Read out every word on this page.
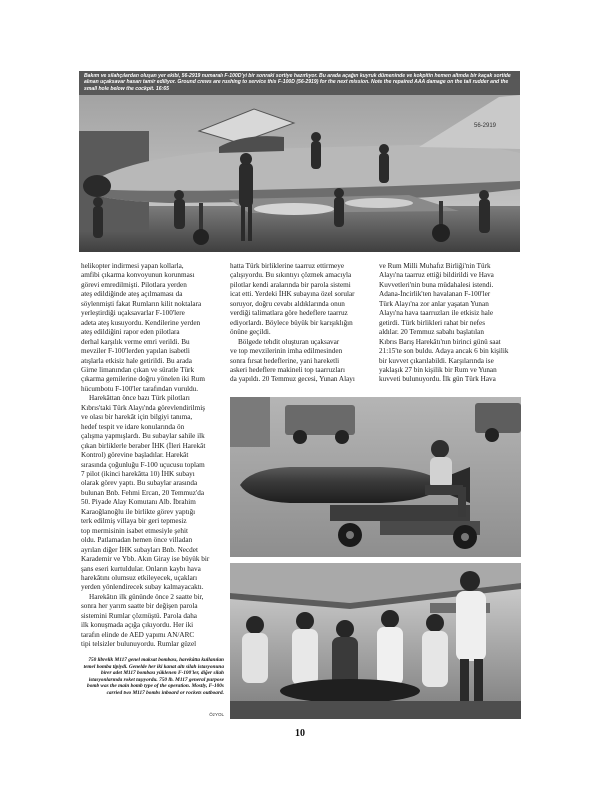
56-2919
Bakım ve silahçılardan oluşan yer ekibi, 56-2919 numaralı F-100D'yi bir sonraki sortiye hazırlıyor. Bu arada açağın kuyruk dümeninde ve kokpitin hemen altında bir kaçak sortide alınan uçaksavar hasarı tamir ediliyor. Ground crews are rushing to service this F-100D (56-2919) for the next mission. Note the repaired AAA damage on the tail rudder and the small hole below the cockpit. 16:65
helikopter indirmesi yapan kollarla,
amfibi çıkarma konvoyunun korunması
görevi emredilmişti. Pilotlara yerden
ateş edildiğinde ateş açılmaması da
söylenmişti fakat Rumların kilit noktalara
yerleştirdiği uçaksavarlar F-100'lere
adeta ateş kusuyordu. Kendilerine yerden
ateş edildiğini rapor eden pilotlara
derhal karşılık verme emri verildi. Bu
mevziler F-100'lerden yapılan isabetli
atışlarla etkisiz hale getirildi. Bu arada
Girne limanından çıkan ve süratle Türk
çıkarma gemilerine doğru yönelen iki Rum
hücumbotu F-100'ler tarafından vuruldu.
Harekâttan önce bazı Türk pilotları
Kıbrıs'taki Türk Alayı'nda görevlendirilmiş
ve olası bir harekât için bilgiyi tanıma,
hedef tespit ve idare konularında ön
çalışma yapmışlardı. Bu subaylar sahile ilk
çıkan birliklerle beraber İHK (İleri Harekât
Kontrol) görevine başladılar. Harekât
sırasında çoğunluğu F-100 uçucusu toplam
7 pilot (ikinci harekâtta 10) İHK subayı
olarak görev yaptı. Bu subaylar arasında
bulunan Bnb. Fehmi Ercan, 20 Temmuz'da
50. Piyade Alay Komutanı Alb. İbrahim
Karaoğlanoğlu ile birlikte görev yaptığı
terk edilmiş villaya bir geri tepmesiz
top mermisinin isabet etmesiyle şehit
oldu. Patlamadan hemen önce villadan
ayrılan diğer İHK subayları Bnb. Necdet
Karademir ve Ybb. Akın Giray ise büyük bir
şans eseri kurtuldular. Onların kaybı hava
harekâtını olumsuz etkileyecek, uçakları
yerden yönlendirecek subay kalmayacaktı.
Harekâtın ilk gününde önce 2 saatte bir,
sonra her yarım saatte bir değişen parola
sistemini Rumlar çözmüştü. Parola daha
ilk konuşmada açığa çıkıyordu. Her iki
tarafın elinde de AED yapımı AN/ARC
tipi telsizler bulunuyordu. Rumlar güzel
hatta Türk birliklerine taarruz ettirmeye
çalışıyordu. Bu sıkıntıyı çözmek amacıyla
pilotlar kendi aralarında bir parola sistemi
icat etti. Yerdeki İHK subayına özel sorular
soruyor, doğru cevabı aldıklarında onun
verdiği talimatlara göre hedeflere taarruz
ediyorlardı. Böylece büyük bir karışıklığın
önüne geçildi.
Bölgede tehdit oluşturan uçaksavar
ve top mevzilerinin imha edilmesinden
sonra fırsat hedeflerine, yani hareketli
askeri hedeflere makineli top taarruzları
da yapıldı. 20 Temmuz gecesi, Yunan Alayı
ve Rum Milli Muhafız Birliği'nin Türk
Alayı'na taarruz ettiği bildirildi ve Hava
Kuvvetleri'nin buna müdahalesi istendi.
Adana-İncirlik'ten havalanan F-100'ler
Türk Alayı'na zor anlar yaşatan Yunan
Alayı'na hava taarruzları ile etkisiz hale
getirdi. Türk birlikleri rahat bir nefes
aldılar. 20 Temmuz sabahı başlatılan
Kıbrıs Barış Harekâtı'nın birinci günü saat
21:15'te son buldu. Adaya ancak 6 bin kişilik
bir kuvvet çıkarılabildi. Karşılarında ise
yaklaşık 27 bin kişilik bir Rum ve Yunan
kuvveti bulunuyordu. İlk gün Türk Hava
750 librelik M117 genel maksat bombası, harekâtta kullanılan temel bomba tipiydi. Genelde her iki kanat altı silah istasyonuna birer adet M117 bombası yüklenen F-100'ler, diğer silah istasyonlarında roket taşıyordu. 750 lb. M117 general purpose bomb was the main bomb type of the operation. Mostly, F-100s carried two M117 bombs inboard or rockets outboard.
ÖzYOL
10
